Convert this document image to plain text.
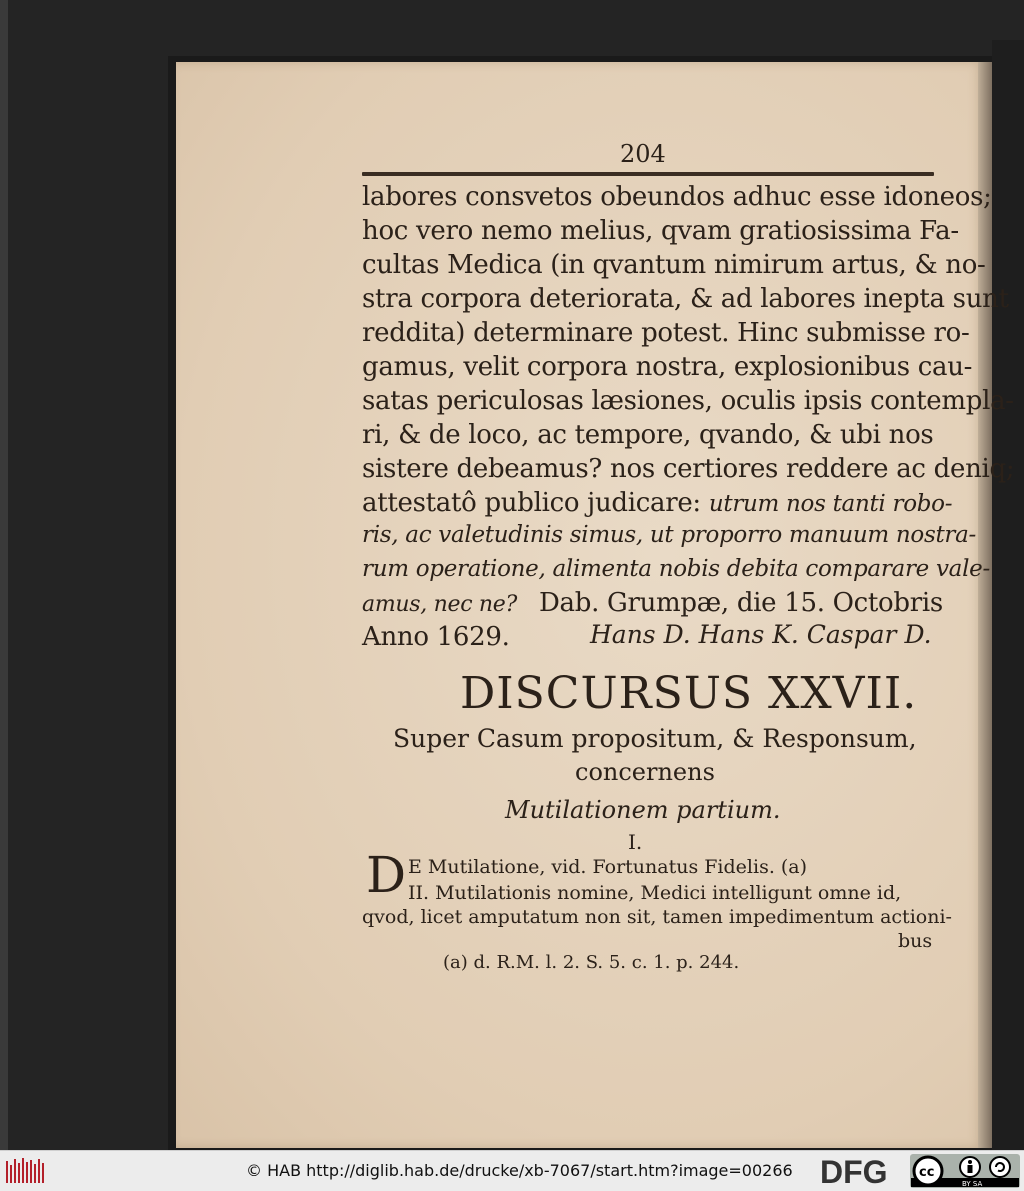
204
labores consvetos obeundos adhuc esse idoneos;
hoc vero nemo melius, qvam gratiosissima Fa-
cultas Medica (in qvantum nimirum artus, & no-
stra corpora deteriorata, & ad labores inepta sunt
reddita) determinare potest. Hinc submisse ro-
gamus, velit corpora nostra, explosionibus cau-
satas periculosas læsiones, oculis ipsis contempla-
ri, & de loco, ac tempore, qvando, & ubi nos
sistere debeamus? nos certiores reddere ac deniq;
attestatô publico judicare: utrum nos tanti robo-
ris, ac valetudinis simus, ut proporro manuum nostra-
rum operatione, alimenta nobis debita comparare vale-
amus, nec ne? Dab. Grumpæ, die 15. Octobris
Anno 1629.	Hans D. Hans K. Caspar D.
DISCURSUS XXVII.
Super Casum propositum, & Responsum,
concernens
Mutilationem partium.
I.
D E Mutilatione, vid. Fortunatus Fidelis. (a)
II. Mutilationis nomine, Medici intelligunt omne id,
qvod, licet amputatum non sit, tamen impedimentum actioni-
bus
(a) d. R.M. l. 2. S. 5. c. 1. p. 244.
© HAB http://diglib.hab.de/drucke/xb-7067/start.htm?image=00266 DFG cc
BY SA
